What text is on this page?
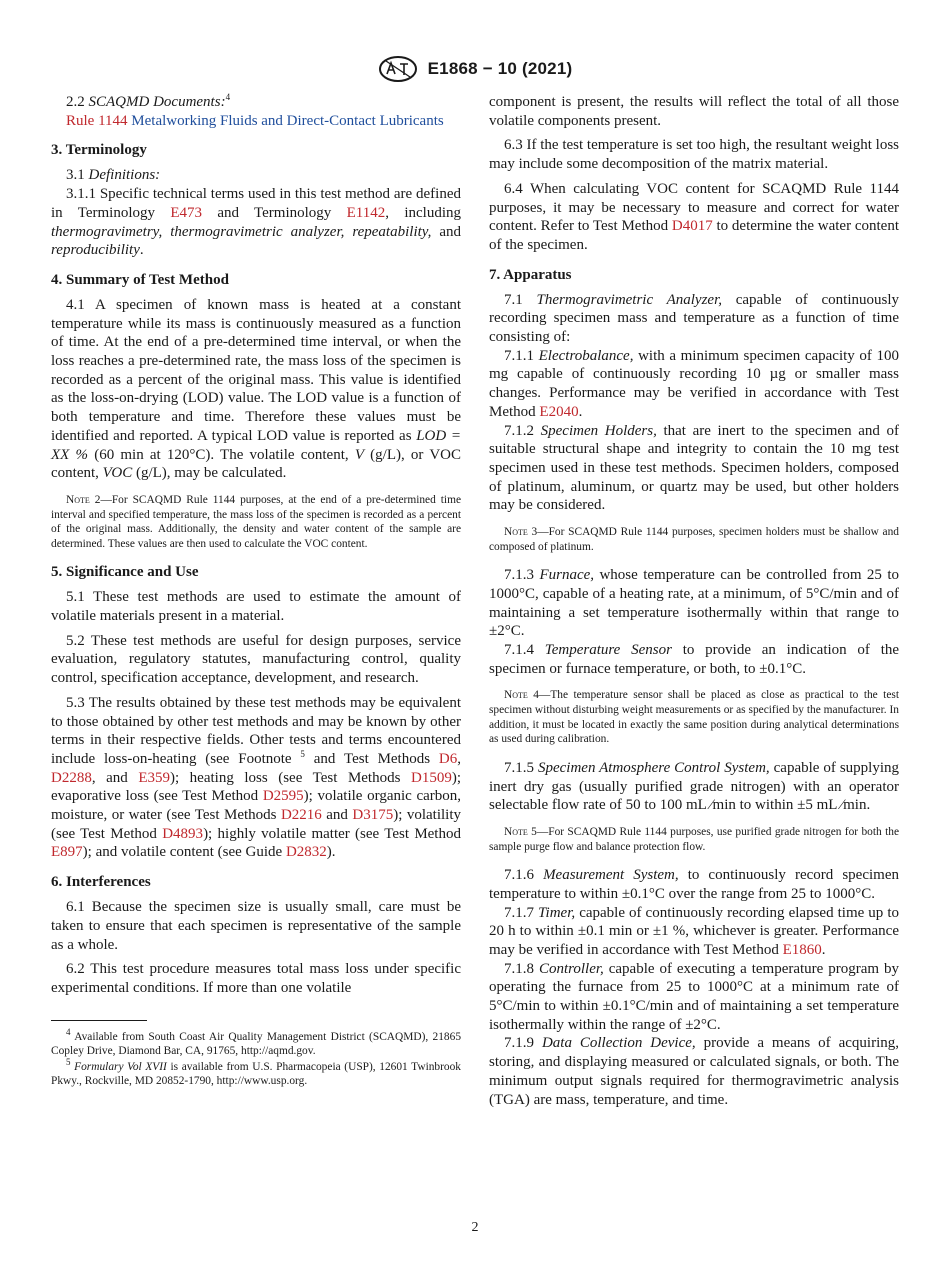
E1868 − 10 (2021)

2.2 SCAQMD Documents:$^4$

Rule 1144 Metalworking Fluids and Direct-Contact Lubricants

3. Terminology

3.1 Definitions:

3.1.1 Specific technical terms used in this test method are defined in Terminology E473 and Terminology E1142, including thermogravimetry, thermogravimetric analyzer, repeatability, and reproducibility.

4. Summary of Test Method

4.1 A specimen of known mass is heated at a constant temperature while its mass is continuously measured as a function of time. At the end of a pre-determined time interval, or when the loss reaches a pre-determined rate, the mass loss of the specimen is recorded as a percent of the original mass. This value is identified as the loss-on-drying (LOD) value. The LOD value is a function of both temperature and time. Therefore these values must be identified and reported. A typical LOD value is reported as LOD = XX % (60 min at 120°C). The volatile content, V (g/L), or VOC content, VOC (g/L), may be calculated.

Note 2—For SCAQMD Rule 1144 purposes, at the end of a pre-determined time interval and specified temperature, the mass loss of the specimen is recorded as a percent of the original mass. Additionally, the density and water content of the sample are determined. These values are then used to calculate the VOC content.
5. Significance and Use

5.1 These test methods are used to estimate the amount of volatile materials present in a material.

5.2 These test methods are useful for design purposes, service evaluation, regulatory statutes, manufacturing control, quality control, specification acceptance, development, and research.

5.3 The results obtained by these test methods may be equivalent to those obtained by other test methods and may be known by other terms in their respective fields. Other tests and terms encountered include loss-on-heating (see Footnote $^5$ and Test Methods D6, D2288, and E359); heating loss (see Test Methods D1509); evaporative loss (see Test Method D2595); volatile organic carbon, moisture, or water (see Test Methods D2216 and D3175); volatility (see Test Method D4893); highly volatile matter (see Test Method E897); and volatile content (see Guide D2832).

6. Interferences

6.1 Because the specimen size is usually small, care must be taken to ensure that each specimen is representative of the sample as a whole.

6.2 This test procedure measures total mass loss under specific experimental conditions. If more than one volatile

$^4$ Available from South Coast Air Quality Management District (SCAQMD), 21865 Copley Drive, Diamond Bar, CA, 91765, http://aqmd.gov.
$^5$ Formulary Vol XVII is available from U.S. Pharmacopeia (USP), 12601 Twinbrook Pkwy., Rockville, MD 20852-1790, http://www.usp.org.

component is present, the results will reflect the total of all those volatile components present.

6.3 If the test temperature is set too high, the resultant weight loss may include some decomposition of the matrix material.

6.4 When calculating VOC content for SCAQMD Rule 1144 purposes, it may be necessary to measure and correct for water content. Refer to Test Method D4017 to determine the water content of the specimen.

7. Apparatus

7.1 Thermogravimetric Analyzer, capable of continuously recording specimen mass and temperature as a function of time consisting of:

7.1.1 Electrobalance, with a minimum specimen capacity of 100 mg capable of continuously recording 10 µg or smaller mass changes. Performance may be verified in accordance with Test Method E2040.

7.1.2 Specimen Holders, that are inert to the specimen and of suitable structural shape and integrity to contain the 10 mg test specimen used in these test methods. Specimen holders, composed of platinum, aluminum, or quartz may be used, but other holders may be considered.

Note 3—For SCAQMD Rule 1144 purposes, specimen holders must be shallow and composed of platinum.

7.1.3 Furnace, whose temperature can be controlled from 25 to 1000°C, capable of a heating rate, at a minimum, of 5°C/min and of maintaining a set temperature isothermally within that range to ±2°C.

7.1.4 Temperature Sensor to provide an indication of the specimen or furnace temperature, or both, to ±0.1°C.

Note 4—The temperature sensor shall be placed as close as practical to the test specimen without disturbing weight measurements or as specified by the manufacturer. In addition, it must be located in exactly the same position during analytical determinations as used during calibration.

7.1.5 Specimen Atmosphere Control System, capable of supplying inert dry gas (usually purified grade nitrogen) with an operator selectable flow rate of 50 to 100 mL ⁄min to within ±5 mL ⁄min.

Note 5—For SCAQMD Rule 1144 purposes, use purified grade nitrogen for both the sample purge flow and balance protection flow.

7.1.6 Measurement System, to continuously record specimen temperature to within ±0.1°C over the range from 25 to 1000°C.

7.1.7 Timer, capable of continuously recording elapsed time up to 20 h to within ±0.1 min or ±1 %, whichever is greater. Performance may be verified in accordance with Test Method E1860.

7.1.8 Controller, capable of executing a temperature program by operating the furnace from 25 to 1000°C at a minimum rate of 5°C/min to within ±0.1°C/min and of maintaining a set temperature isothermally within the range of ±2°C.

7.1.9 Data Collection Device, provide a means of acquiring, storing, and displaying measured or calculated signals, or both. The minimum output signals required for thermogravimetric analysis (TGA) are mass, temperature, and time.

2
